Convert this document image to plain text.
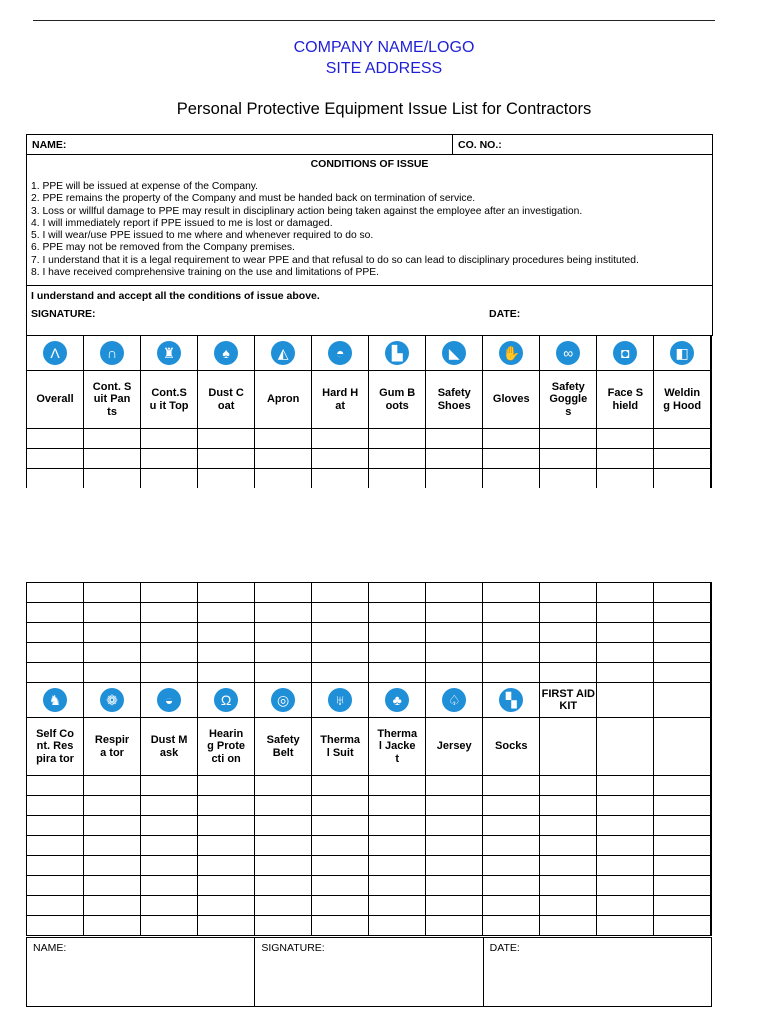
COMPANY NAME/LOGO
SITE ADDRESS
Personal Protective Equipment Issue List for Contractors
NAME:	CO. NO.:

CONDITIONS OF ISSUE
1. PPE will be issued at expense of the Company.
2. PPE remains the property of the Company and must be handed back on termination of service.
3. Loss or willful damage to PPE may result in disciplinary action being taken against the employee after an investigation.
4. I will immediately report if PPE issued to me is lost or damaged.
5. I will wear/use PPE issued to me where and whenever required to do so.
6. PPE may not be removed from the Company premises.
7. I understand that it is a legal requirement to wear PPE and that refusal to do so can lead to disciplinary procedures being instituted.
8. I have received comprehensive training on the use and limitations of PPE.

I understand and accept all the conditions of issue above.
SIGNATURE:	DATE:
Λ	∩	♜	♠	◭	◓	▙	◣	✋	∞	◘	◧
Overall	Cont. Suit Pants	Cont.Su it Top	Dust Coat	Apron	Hard Hat	Gum Boots	Safety Shoes	Gloves	Safety Goggle s	Face Shield	Welding Hood

♞	❁	◒	Ω	◎	♅	♣	♤	▚	FIRST AID KIT		
Self Cont. Respira tor	Respira tor	Dust Mask	Hearing Protecti on	Safety Belt	Thermal Suit	Thermal Jacket	Jersey	Socks			

NAME:	SIGNATURE:	DATE:
